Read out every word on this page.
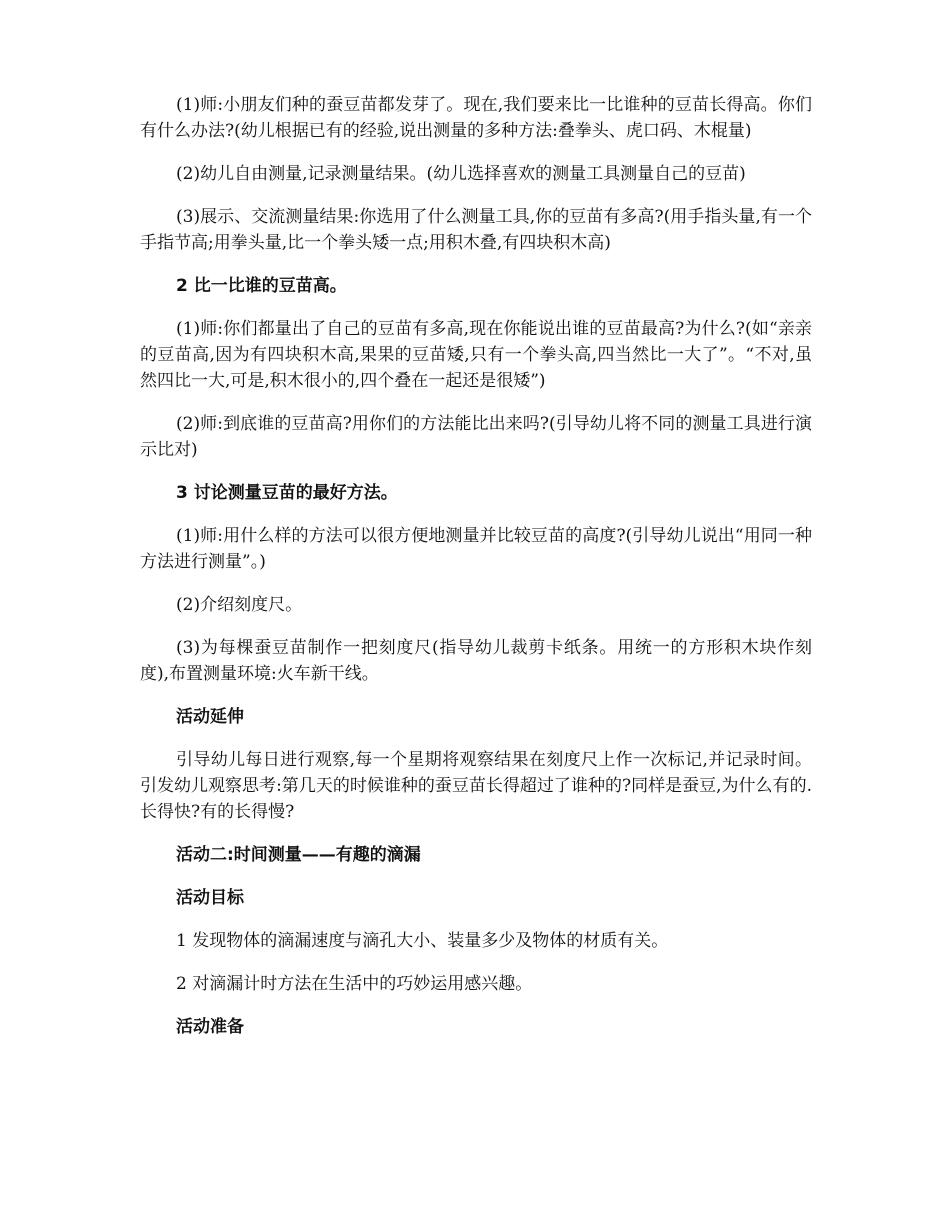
(1)师:小朋友们种的蚕豆苗都发芽了。现在,我们要来比一比谁种的豆苗长得高。你们有什么办法?(幼儿根据已有的经验,说出测量的多种方法:叠拳头、虎口码、木棍量)

(2)幼儿自由测量,记录测量结果。(幼儿选择喜欢的测量工具测量自己的豆苗)

(3)展示、交流测量结果:你选用了什么测量工具,你的豆苗有多高?(用手指头量,有一个手指节高;用拳头量,比一个拳头矮一点;用积木叠,有四块积木高)

2 比一比谁的豆苗高。

(1)师:你们都量出了自己的豆苗有多高,现在你能说出谁的豆苗最高?为什么?(如“亲亲的豆苗高,因为有四块积木高,果果的豆苗矮,只有一个拳头高,四当然比一大了”。“不对,虽然四比一大,可是,积木很小的,四个叠在一起还是很矮”)

(2)师:到底谁的豆苗高?用你们的方法能比出来吗?(引导幼儿将不同的测量工具进行演示比对)

3 讨论测量豆苗的最好方法。

(1)师:用什么样的方法可以很方便地测量并比较豆苗的高度?(引导幼儿说出“用同一种方法进行测量”。)

(2)介绍刻度尺。

(3)为每棵蚕豆苗制作一把刻度尺(指导幼儿裁剪卡纸条。用统一的方形积木块作刻度),布置测量环境:火车新干线。

活动延伸

引导幼儿每日进行观察,每一个星期将观察结果在刻度尺上作一次标记,并记录时间。引发幼儿观察思考:第几天的时候谁种的蚕豆苗长得超过了谁种的?同样是蚕豆,为什么有的.长得快?有的长得慢?

活动二:时间测量——有趣的滴漏

活动目标

1 发现物体的滴漏速度与滴孔大小、装量多少及物体的材质有关。

2 对滴漏计时方法在生活中的巧妙运用感兴趣。

活动准备
